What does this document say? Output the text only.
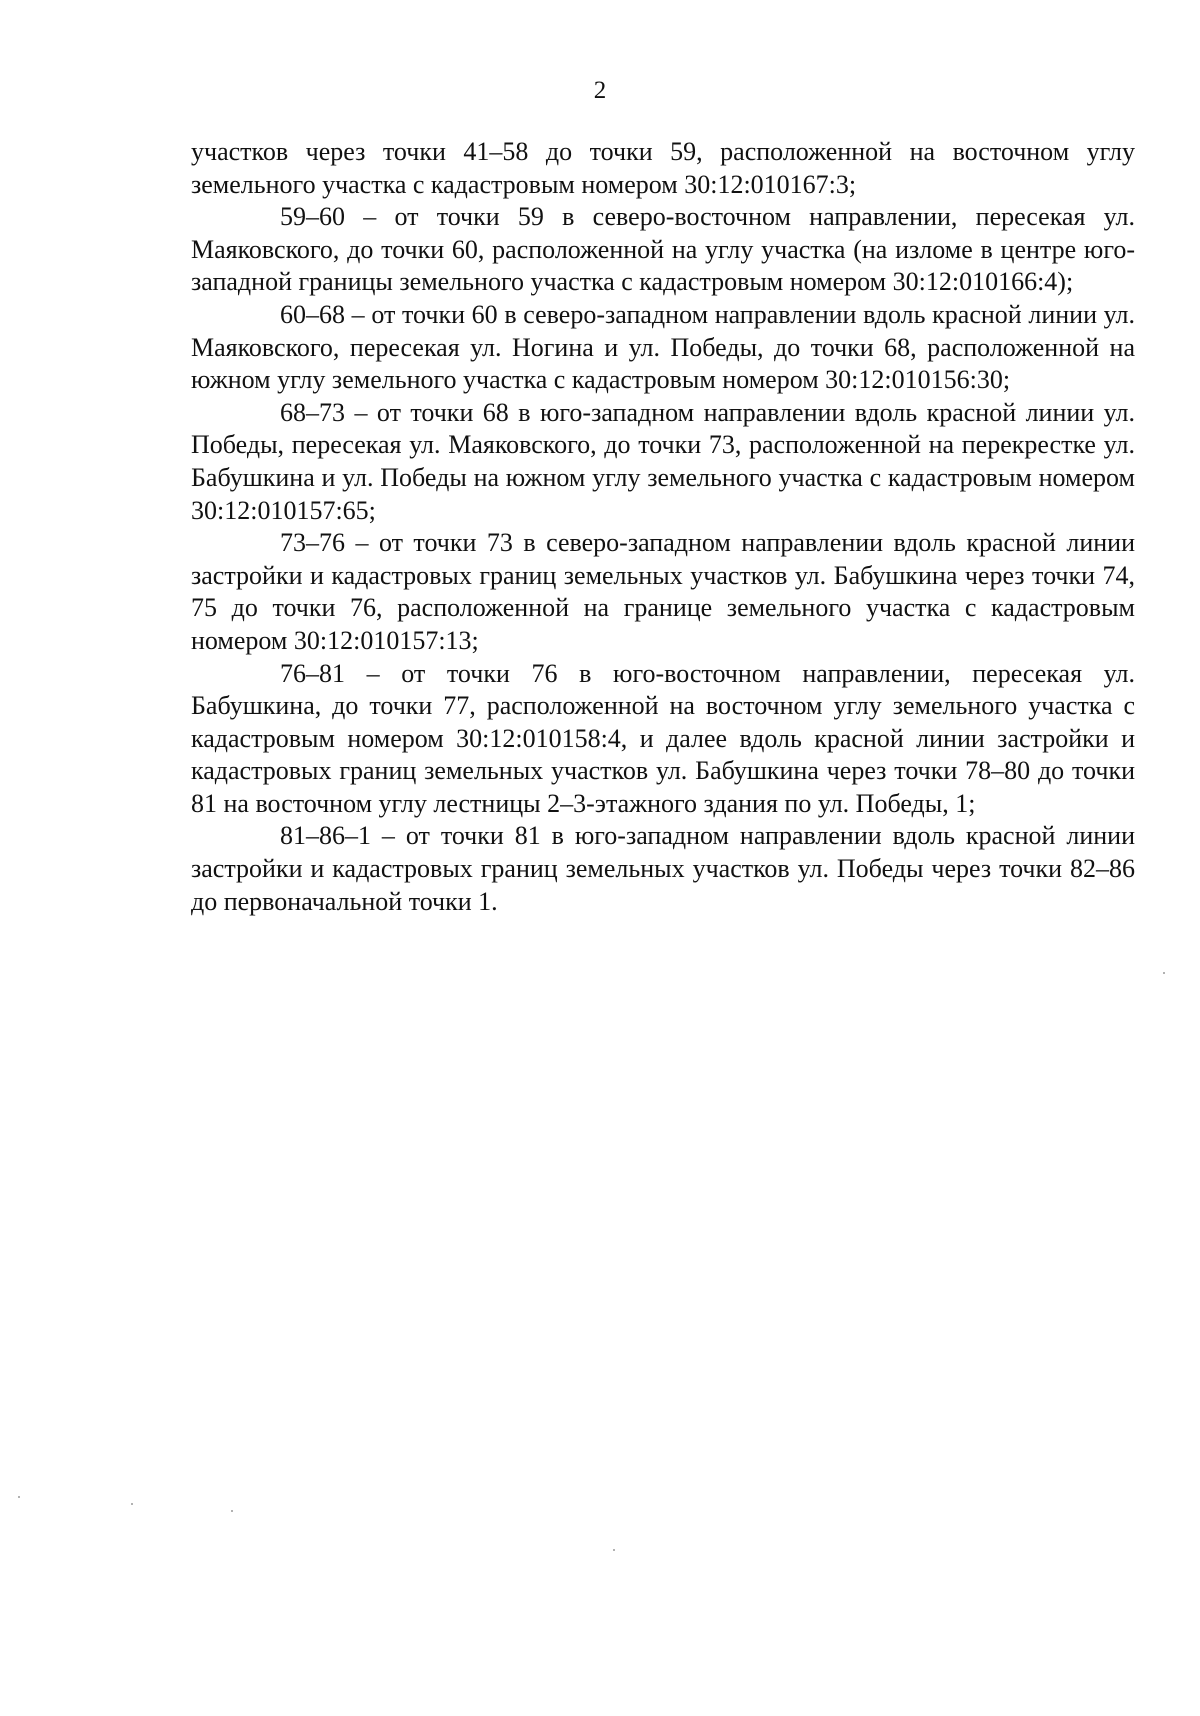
2

участков через точки 41–58 до точки 59, расположенной на восточном углу земельного участка с кадастровым номером 30:12:010167:3;

59–60 – от точки 59 в северо-восточном направлении, пересекая ул. Маяковского, до точки 60, расположенной на углу участка (на изломе в центре юго-западной границы земельного участка с кадастровым номером 30:12:010166:4);

60–68 – от точки 60 в северо-западном направлении вдоль красной линии ул. Маяковского, пересекая ул. Ногина и ул. Победы, до точки 68, расположенной на южном углу земельного участка с кадастровым номером 30:12:010156:30;

68–73 – от точки 68 в юго-западном направлении вдоль красной линии ул. Победы, пересекая ул. Маяковского, до точки 73, расположенной на перекрестке ул. Бабушкина и ул. Победы на южном углу земельного участка с кадастровым номером 30:12:010157:65;

73–76 – от точки 73 в северо-западном направлении вдоль красной линии застройки и кадастровых границ земельных участков ул. Бабушкина через точки 74, 75 до точки 76, расположенной на границе земельного участка с кадастровым номером 30:12:010157:13;

76–81 – от точки 76 в юго-восточном направлении, пересекая ул. Бабушкина, до точки 77, расположенной на восточном углу земельного участка с кадастровым номером 30:12:010158:4, и далее вдоль красной линии застройки и кадастровых границ земельных участков ул. Бабушкина через точки 78–80 до точки 81 на восточном углу лестницы 2–3-этажного здания по ул. Победы, 1;

81–86–1 – от точки 81 в юго-западном направлении вдоль красной линии застройки и кадастровых границ земельных участков ул. Победы через точки 82–86 до первоначальной точки 1.
